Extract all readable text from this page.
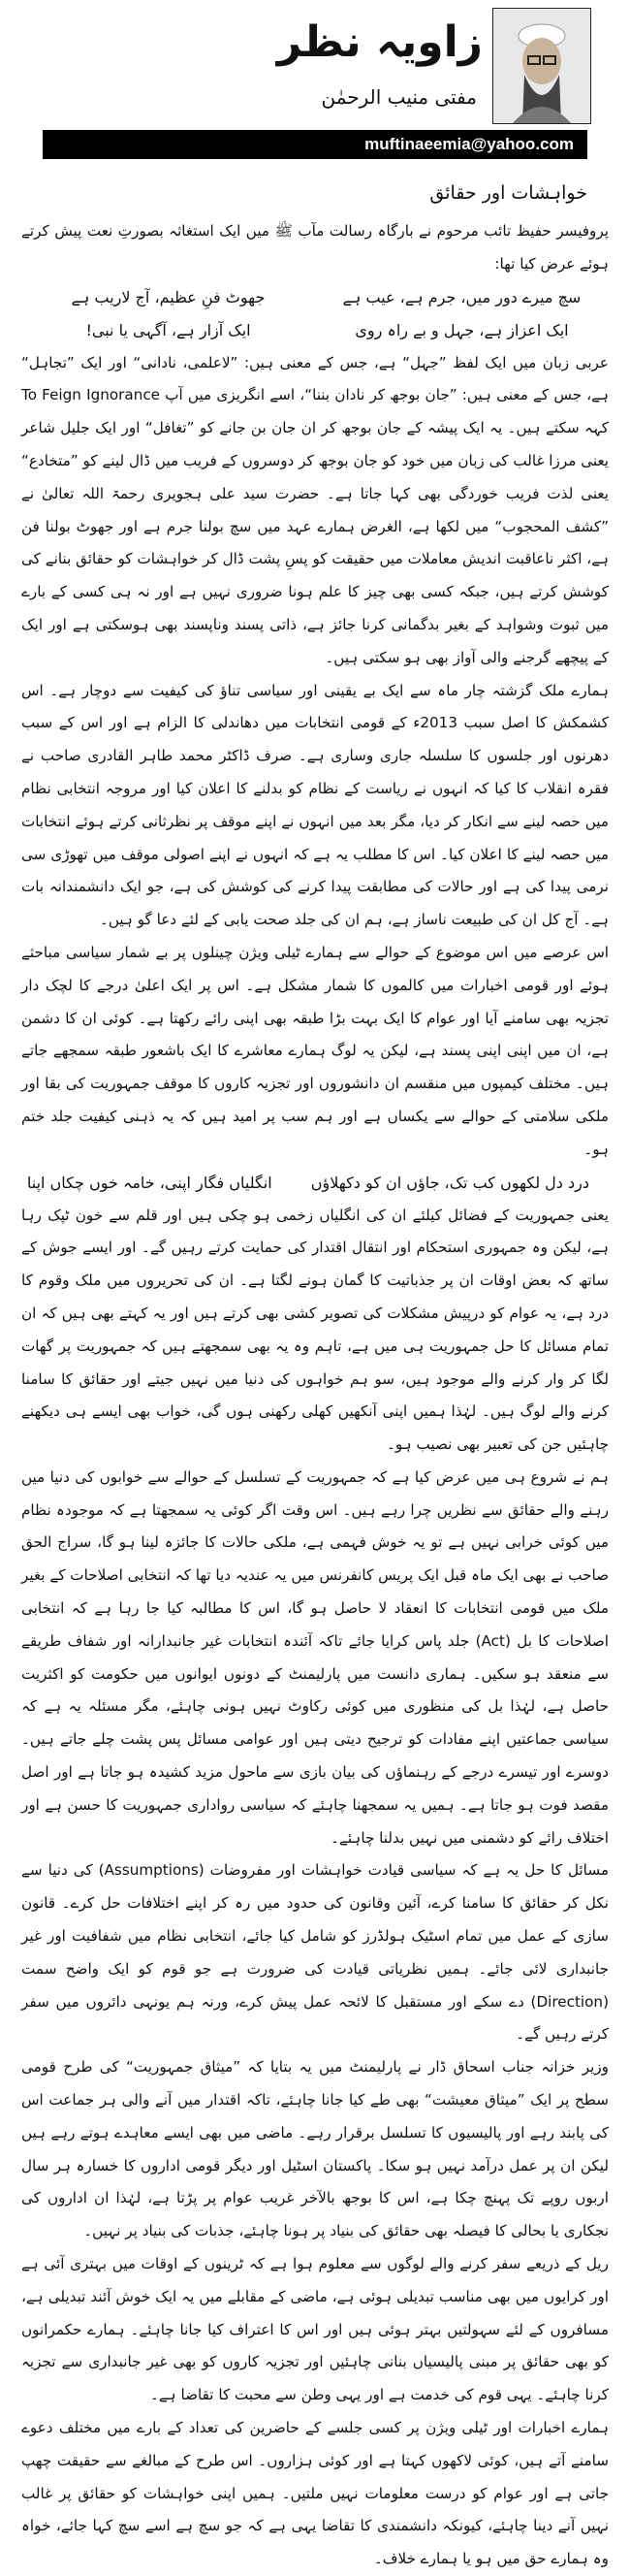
زاویہ نظر
مفتی منیب الرحمٰن
muftinaeemia@yahoo.com
خواہشات اور حقائق

پروفیسر حفیظ تائب مرحوم نے بارگاہ رسالت مآب ﷺ میں ایک استغاثہ بصورتِ نعت پیش کرتے ہوئے عرض کیا تھا:

سچ میرے دور میں، جرم ہے، عیب ہے
جھوٹ فنِ عظیم، آج لاریب ہے
ایک اعزاز ہے، جہل و بے راہ روی
ایک آزار ہے، آگہی یا نبی!

عربی زبان میں ایک لفظ ”جہل“ ہے، جس کے معنی ہیں: ”لاعلمی، نادانی“ اور ایک ”تجاہل“ ہے، جس کے معنی ہیں: ”جان بوجھ کر نادان بننا“، اسے انگریزی میں آپ To Feign Ignorance کہہ سکتے ہیں۔ یہ ایک پیشہ کے جان بوجھ کر ان جان بن جانے کو ”تغافل“ اور ایک جلیل شاعر یعنی مرزا غالب کی زبان میں خود کو جان بوجھ کر دوسروں کے فریب میں ڈال لینے کو ”متخادع“ یعنی لذت فریب خوردگی بھی کہا جاتا ہے۔ حضرت سید علی ہجویری رحمۃ اللہ تعالیٰ نے ”کشف المحجوب“ میں لکھا ہے، الغرض ہمارے عہد میں سچ بولنا جرم ہے اور جھوٹ بولنا فن ہے، اکثر ناعاقبت اندیش معاملات میں حقیقت کو پسِ پشت ڈال کر خواہشات کو حقائق بنانے کی کوشش کرتے ہیں، جبکہ کسی بھی چیز کا علم ہونا ضروری نہیں ہے اور نہ ہی کسی کے بارے میں ثبوت وشواہد کے بغیر بدگمانی کرنا جائز ہے، ذاتی پسند وناپسند بھی ہوسکتی ہے اور ایک کے پیچھے گرجنے والی آواز بھی ہو سکتی ہیں۔

ہمارے ملک گزشتہ چار ماہ سے ایک بے یقینی اور سیاسی تناؤ کی کیفیت سے دوچار ہے۔ اس کشمکش کا اصل سبب 2013ء کے قومی انتخابات میں دھاندلی کا الزام ہے اور اس کے سبب دھرنوں اور جلسوں کا سلسلہ جاری وساری ہے۔ صرف ڈاکٹر محمد طاہر القادری صاحب نے فقرہ انقلاب کا کیا کہ انہوں نے ریاست کے نظام کو بدلنے کا اعلان کیا اور مروجہ انتخابی نظام میں حصہ لینے سے انکار کر دیا، مگر بعد میں انہوں نے اپنے موقف پر نظرثانی کرتے ہوئے انتخابات میں حصہ لینے کا اعلان کیا۔ اس کا مطلب یہ ہے کہ انہوں نے اپنے اصولی موقف میں تھوڑی سی نرمی پیدا کی ہے اور حالات کی مطابقت پیدا کرنے کی کوشش کی ہے، جو ایک دانشمندانہ بات ہے۔ آج کل ان کی طبیعت ناساز ہے، ہم ان کی جلد صحت یابی کے لئے دعا گو ہیں۔

اس عرصے میں اس موضوع کے حوالے سے ہمارے ٹیلی ویژن چینلوں پر بے شمار سیاسی مباحثے ہوئے اور قومی اخبارات میں کالموں کا شمار مشکل ہے۔ اس پر ایک اعلیٰ درجے کا لچک دار تجزیہ بھی سامنے آیا اور عوام کا ایک بہت بڑا طبقہ بھی اپنی رائے رکھتا ہے۔ کوئی ان کا دشمن ہے، ان میں اپنی اپنی پسند ہے، لیکن یہ لوگ ہمارے معاشرے کا ایک باشعور طبقہ سمجھے جاتے ہیں۔ مختلف کیمپوں میں منقسم ان دانشوروں اور تجزیہ کاروں کا موقف جمہوریت کی بقا اور ملکی سلامتی کے حوالے سے یکساں ہے اور ہم سب پر امید ہیں کہ یہ ذہنی کیفیت جلد ختم ہو۔

درد دل لکھوں کب تک، جاؤں ان کو دکھلاؤں
انگلیاں فگار اپنی، خامہ خوں چکاں اپنا

یعنی جمہوریت کے فضائل کیلئے ان کی انگلیاں زخمی ہو چکی ہیں اور قلم سے خون ٹپک رہا ہے، لیکن وہ جمہوری استحکام اور انتقال اقتدار کی حمایت کرتے رہیں گے۔ اور ایسے جوش کے ساتھ کہ بعض اوقات ان پر جذباتیت کا گمان ہونے لگتا ہے۔ ان کی تحریروں میں ملک وقوم کا درد ہے، یہ عوام کو درپیش مشکلات کی تصویر کشی بھی کرتے ہیں اور یہ کہتے بھی ہیں کہ ان تمام مسائل کا حل جمہوریت ہی میں ہے، تاہم وہ یہ بھی سمجھتے ہیں کہ جمہوریت پر گھات لگا کر وار کرنے والے موجود ہیں، سو ہم خواہوں کی دنیا میں نہیں جیتے اور حقائق کا سامنا کرنے والے لوگ ہیں۔ لہٰذا ہمیں اپنی آنکھیں کھلی رکھنی ہوں گی، خواب بھی ایسے ہی دیکھنے چاہئیں جن کی تعبیر بھی نصیب ہو۔

ہم نے شروع ہی میں عرض کیا ہے کہ جمہوریت کے تسلسل کے حوالے سے خوابوں کی دنیا میں رہنے والے حقائق سے نظریں چرا رہے ہیں۔ اس وقت اگر کوئی یہ سمجھتا ہے کہ موجودہ نظام میں کوئی خرابی نہیں ہے تو یہ خوش فہمی ہے، ملکی حالات کا جائزہ لینا ہو گا، سراج الحق صاحب نے بھی ایک ماہ قبل ایک پریس کانفرنس میں یہ عندیہ دیا تھا کہ انتخابی اصلاحات کے بغیر ملک میں قومی انتخابات کا انعقاد لا حاصل ہو گا، اس کا مطالبہ کیا جا رہا ہے کہ انتخابی اصلاحات کا بل (Act) جلد پاس کرایا جائے تاکہ آئندہ انتخابات غیر جانبدارانہ اور شفاف طریقے سے منعقد ہو سکیں۔ ہماری دانست میں پارلیمنٹ کے دونوں ایوانوں میں حکومت کو اکثریت حاصل ہے، لہٰذا بل کی منظوری میں کوئی رکاوٹ نہیں ہونی چاہئے، مگر مسئلہ یہ ہے کہ سیاسی جماعتیں اپنے مفادات کو ترجیح دیتی ہیں اور عوامی مسائل پس پشت چلے جاتے ہیں۔ دوسرے اور تیسرے درجے کے رہنماؤں کی بیان بازی سے ماحول مزید کشیدہ ہو جاتا ہے اور اصل مقصد فوت ہو جاتا ہے۔ ہمیں یہ سمجھنا چاہئے کہ سیاسی رواداری جمہوریت کا حسن ہے اور اختلاف رائے کو دشمنی میں نہیں بدلنا چاہئے۔

مسائل کا حل یہ ہے کہ سیاسی قیادت خواہشات اور مفروضات (Assumptions) کی دنیا سے نکل کر حقائق کا سامنا کرے، آئین وقانون کی حدود میں رہ کر اپنے اختلافات حل کرے۔ قانون سازی کے عمل میں تمام اسٹیک ہولڈرز کو شامل کیا جائے، انتخابی نظام میں شفافیت اور غیر جانبداری لائی جائے۔ ہمیں نظریاتی قیادت کی ضرورت ہے جو قوم کو ایک واضح سمت (Direction) دے سکے اور مستقبل کا لائحہ عمل پیش کرے، ورنہ ہم یونہی دائروں میں سفر کرتے رہیں گے۔

وزیر خزانہ جناب اسحاق ڈار نے پارلیمنٹ میں یہ بتایا کہ ”میثاق جمہوریت“ کی طرح قومی سطح پر ایک ”میثاق معیشت“ بھی طے کیا جانا چاہئے، تاکہ اقتدار میں آنے والی ہر جماعت اس کی پابند رہے اور پالیسیوں کا تسلسل برقرار رہے۔ ماضی میں بھی ایسے معاہدے ہوتے رہے ہیں لیکن ان پر عمل درآمد نہیں ہو سکا۔ پاکستان اسٹیل اور دیگر قومی اداروں کا خسارہ ہر سال اربوں روپے تک پہنچ چکا ہے، اس کا بوجھ بالآخر غریب عوام پر پڑتا ہے، لہٰذا ان اداروں کی نجکاری یا بحالی کا فیصلہ بھی حقائق کی بنیاد پر ہونا چاہئے، جذبات کی بنیاد پر نہیں۔

ریل کے ذریعے سفر کرنے والے لوگوں سے معلوم ہوا ہے کہ ٹرینوں کے اوقات میں بہتری آئی ہے اور کرایوں میں بھی مناسب تبدیلی ہوئی ہے، ماضی کے مقابلے میں یہ ایک خوش آئند تبدیلی ہے، مسافروں کے لئے سہولتیں بہتر ہوئی ہیں اور اس کا اعتراف کیا جانا چاہئے۔ ہمارے حکمرانوں کو بھی حقائق پر مبنی پالیسیاں بنانی چاہئیں اور تجزیہ کاروں کو بھی غیر جانبداری سے تجزیہ کرنا چاہئے۔ یہی قوم کی خدمت ہے اور یہی وطن سے محبت کا تقاضا ہے۔

ہمارے اخبارات اور ٹیلی ویژن پر کسی جلسے کے حاضرین کی تعداد کے بارے میں مختلف دعوے سامنے آتے ہیں، کوئی لاکھوں کہتا ہے اور کوئی ہزاروں۔ اس طرح کے مبالغے سے حقیقت چھپ جاتی ہے اور عوام کو درست معلومات نہیں ملتیں۔ ہمیں اپنی خواہشات کو حقائق پر غالب نہیں آنے دینا چاہئے، کیونکہ دانشمندی کا تقاضا یہی ہے کہ جو سچ ہے اسے سچ کہا جائے، خواہ وہ ہمارے حق میں ہو یا ہمارے خلاف۔
